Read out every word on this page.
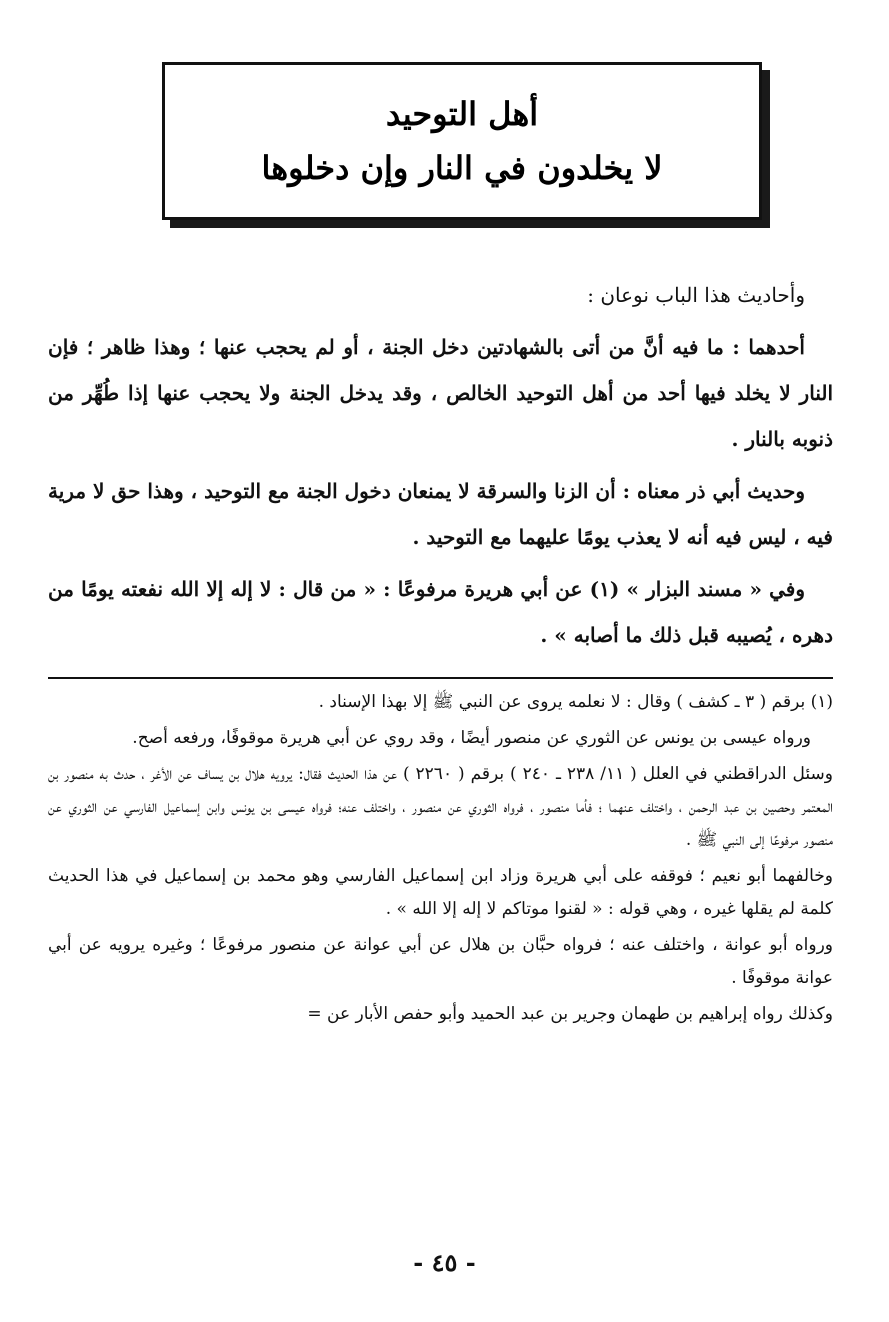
أهل التوحيد
لا يخلدون في النار وإن دخلوها

وأحاديث هذا الباب نوعان :

أحدهما : ما فيه أنَّ من أتى بالشهادتين دخل الجنة ، أو لم يحجب عنها ؛ وهذا ظاهر ؛ فإن النار لا يخلد فيها أحد من أهل التوحيد الخالص ، وقد يدخل الجنة ولا يحجب عنها إذا طُهِّر من ذنوبه بالنار .

وحديث أبي ذر معناه : أن الزنا والسرقة لا يمنعان دخول الجنة مع التوحيد ، وهذا حق لا مرية فيه ، ليس فيه أنه لا يعذب يومًا عليهما مع التوحيد .

وفي « مسند البزار » (١) عن أبي هريرة مرفوعًا : « من قال : لا إله إلا الله نفعته يومًا من دهره ، يُصيبه قبل ذلك ما أصابه » .

(١) برقم ( ٣ ـ كشف ) وقال : لا نعلمه يروى عن النبي ﷺ إلا بهذا الإسناد .

ورواه عيسى بن يونس عن الثوري عن منصور أيضًا ، وقد روي عن أبي هريرة موقوفًا، ورفعه أصح.

وسئل الدراقطني في العلل ( ١١/ ٢٣٨ ـ ٢٤٠ ) برقم ( ٢٢٦٠ ) عن هذا الحديث فقال: يرويه هلال بن يساف عن الأغر ، حدث به منصور بن المعتمر وحصين بن عبد الرحمن ، واختلف عنهما ؛ فأما منصور ، فرواه الثوري عن منصور ، واختلف عنه؛ فرواه عيسى بن يونس وابن إسماعيل الفارسي عن الثوري عن منصور مرفوعًا إلى النبي ﷺ .

وخالفهما أبو نعيم ؛ فوقفه على أبي هريرة وزاد ابن إسماعيل الفارسي وهو محمد بن إسماعيل في هذا الحديث كلمة لم يقلها غيره ، وهي قوله : « لقنوا موتاكم لا إله إلا الله » .

ورواه أبو عوانة ، واختلف عنه ؛ فرواه حبَّان بن هلال عن أبي عوانة عن منصور مرفوعًا ؛ وغيره يرويه عن أبي عوانة موقوفًا .

وكذلك رواه إبراهيم بن طهمان وجرير بن عبد الحميد وأبو حفص الأبار عن =

- ٤٥ -
